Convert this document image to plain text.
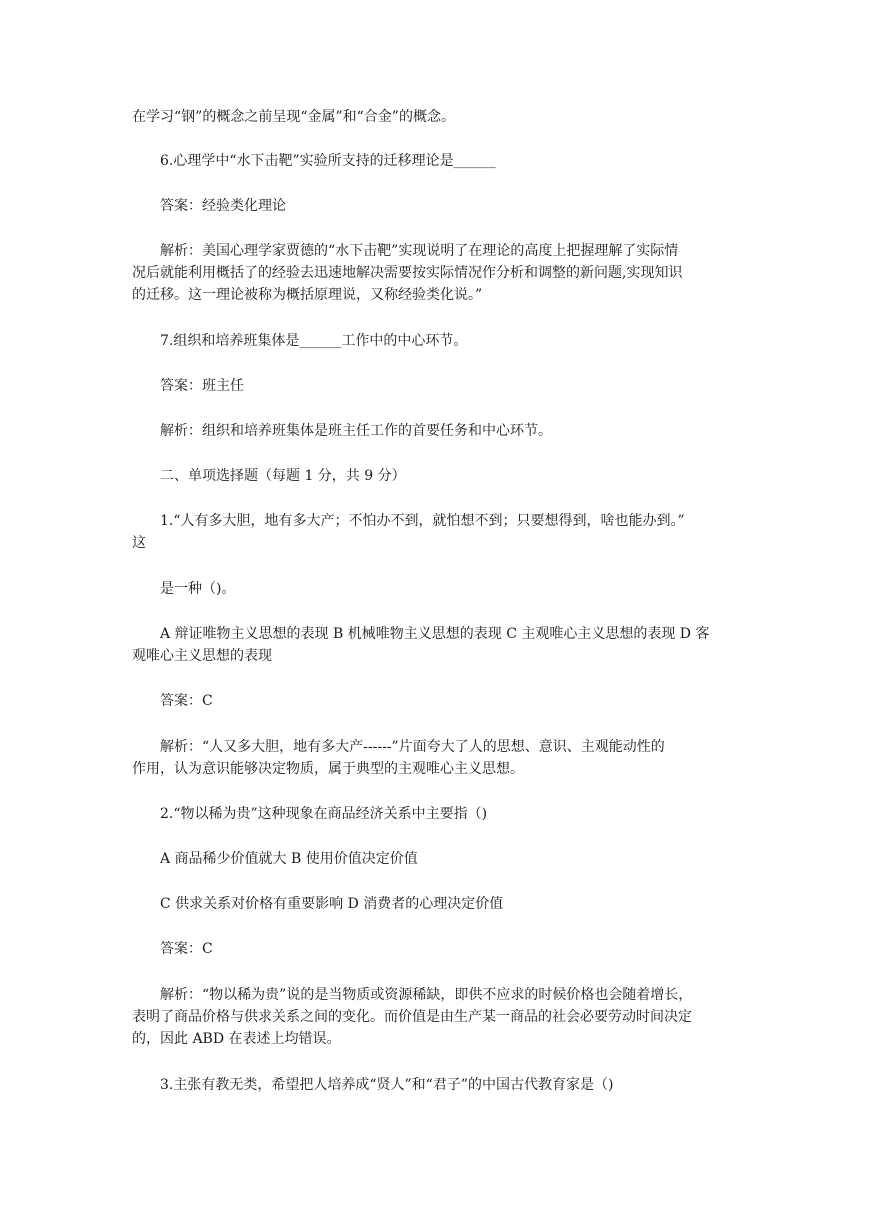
在学习“钢”的概念之前呈现“金属”和“合金”的概念。

6.心理学中“水下击靶”实验所支持的迁移理论是______

答案：经验类化理论

解析：美国心理学家贾德的“水下击靶”实现说明了在理论的高度上把握理解了实际情

况后就能利用概括了的经验去迅速地解决需要按实际情况作分析和调整的新问题,实现知识

的迁移。这一理论被称为概括原理说，又称经验类化说。”

7.组织和培养班集体是______工作中的中心环节。

答案：班主任

解析：组织和培养班集体是班主任工作的首要任务和中心环节。

二、单项选择题（每题 1 分，共 9 分）

1.“人有多大胆，地有多大产；不怕办不到，就怕想不到；只要想得到，啥也能办到。”

这

是一种（)。

A 辩证唯物主义思想的表现 B 机械唯物主义思想的表现 C 主观唯心主义思想的表现 D 客

观唯心主义思想的表现

答案：C

解析：“人又多大胆，地有多大产------”片面夸大了人的思想、意识、主观能动性的

作用，认为意识能够决定物质，属于典型的主观唯心主义思想。

2.“物以稀为贵”这种现象在商品经济关系中主要指（)

A 商品稀少价值就大 B 使用价值决定价值

C 供求关系对价格有重要影响 D 消费者的心理决定价值

答案：C

解析：“物以稀为贵”说的是当物质或资源稀缺，即供不应求的时候价格也会随着增长，

表明了商品价格与供求关系之间的变化。而价值是由生产某一商品的社会必要劳动时间决定

的，因此 ABD 在表述上均错误。

3.主张有教无类，希望把人培养成“贤人”和“君子”的中国古代教育家是（)
